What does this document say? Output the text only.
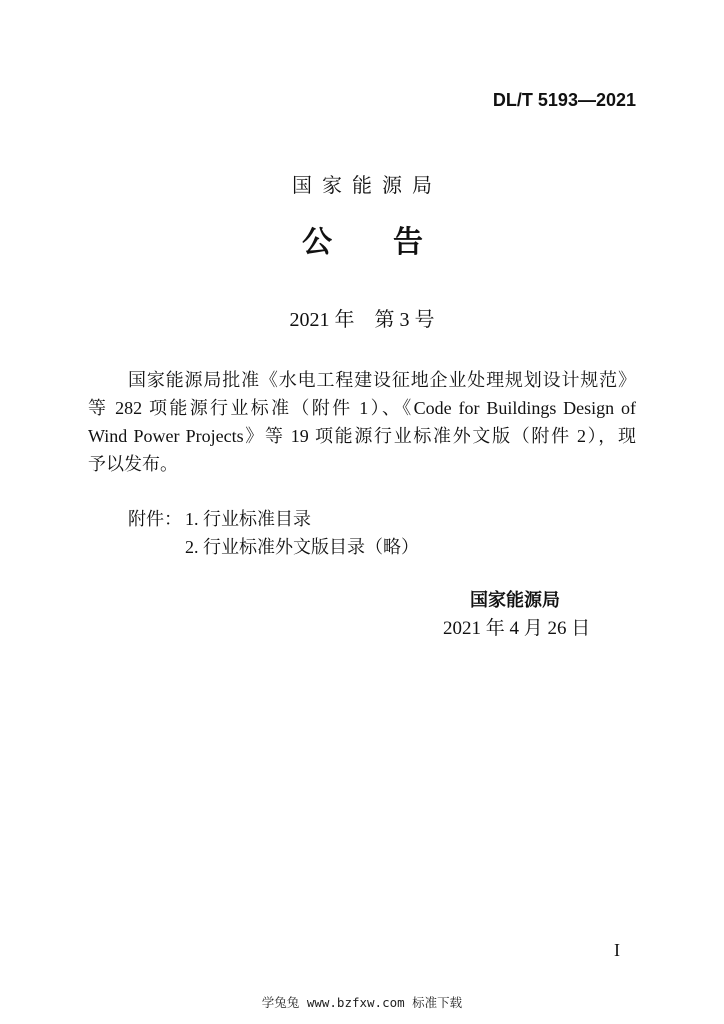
DL/T 5193—2021
国家能源局
公告
2021 年　第 3 号
国家能源局批准《水电工程建设征地企业处理规划设计规范》
等 282 项能源行业标准（附件 1）、《Code for Buildings Design of
Wind Power Projects》等 19 项能源行业标准外文版（附件 2），现
予以发布。
附件： 1. 行业标准目录
2. 行业标准外文版目录（略）
国家能源局
2021 年 4 月 26 日
I
学兔兔 www.bzfxw.com 标准下载
